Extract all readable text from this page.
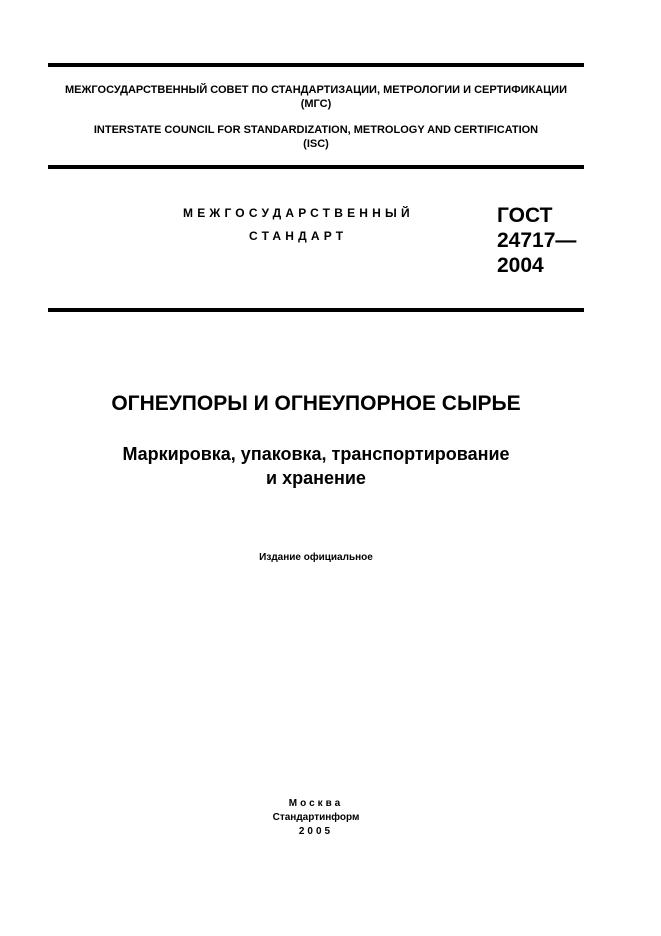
МЕЖГОСУДАРСТВЕННЫЙ СОВЕТ ПО СТАНДАРТИЗАЦИИ, МЕТРОЛОГИИ И СЕРТИФИКАЦИИ
(МГС)
INTERSTATE COUNCIL FOR STANDARDIZATION, METROLOGY AND CERTIFICATION
(ISC)
МЕЖГОСУДАРСТВЕННЫЙ
СТАНДАРТ
ГОСТ
24717—
2004
ОГНЕУПОРЫ И ОГНЕУПОРНОЕ СЫРЬЕ
Маркировка, упаковка, транспортирование
и хранение
Издание официальное
Москва
Стандартинформ
2005
